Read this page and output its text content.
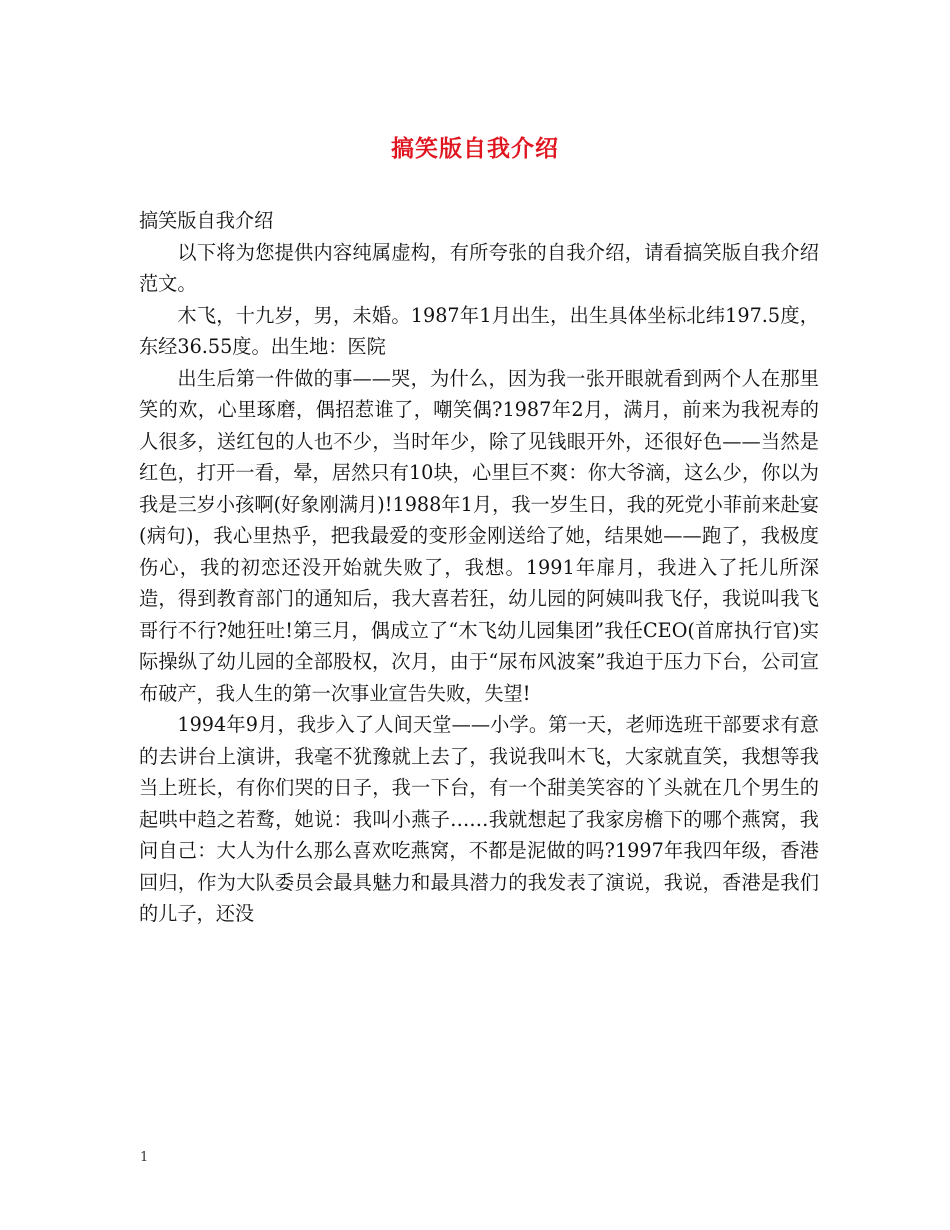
搞笑版自我介绍

搞笑版自我介绍

以下将为您提供内容纯属虚构，有所夸张的自我介绍，请看搞笑版自我介绍范文。

木飞，十九岁，男，未婚。1987年1月出生，出生具体坐标北纬197.5度，东经36.55度。出生地：医院

出生后第一件做的事——哭，为什么，因为我一张开眼就看到两个人在那里笑的欢，心里琢磨，偶招惹谁了，嘲笑偶?1987年2月，满月，前来为我祝寿的人很多，送红包的人也不少，当时年少，除了见钱眼开外，还很好色——当然是红色，打开一看，晕，居然只有10块，心里巨不爽：你大爷滴，这么少，你以为我是三岁小孩啊(好象刚满月)!1988年1月，我一岁生日，我的死党小菲前来赴宴(病句)，我心里热乎，把我最爱的变形金刚送给了她，结果她——跑了，我极度伤心，我的初恋还没开始就失败了，我想。1991年扉月，我进入了托儿所深造，得到教育部门的通知后，我大喜若狂，幼儿园的阿姨叫我飞仔，我说叫我飞哥行不行?她狂吐!第三月，偶成立了“木飞幼儿园集团”我任CEO(首席执行官)实际操纵了幼儿园的全部股权，次月，由于“尿布风波案”我迫于压力下台，公司宣布破产，我人生的第一次事业宣告失败，失望!

1994年9月，我步入了人间天堂——小学。第一天，老师选班干部要求有意的去讲台上演讲，我毫不犹豫就上去了，我说我叫木飞，大家就直笑，我想等我当上班长，有你们哭的日子，我一下台，有一个甜美笑容的丫头就在几个男生的起哄中趋之若鹜，她说：我叫小燕子……我就想起了我家房檐下的哪个燕窝，我问自己：大人为什么那么喜欢吃燕窝，不都是泥做的吗?1997年我四年级，香港回归，作为大队委员会最具魅力和最具潜力的我发表了演说，我说，香港是我们的儿子，还没

1
